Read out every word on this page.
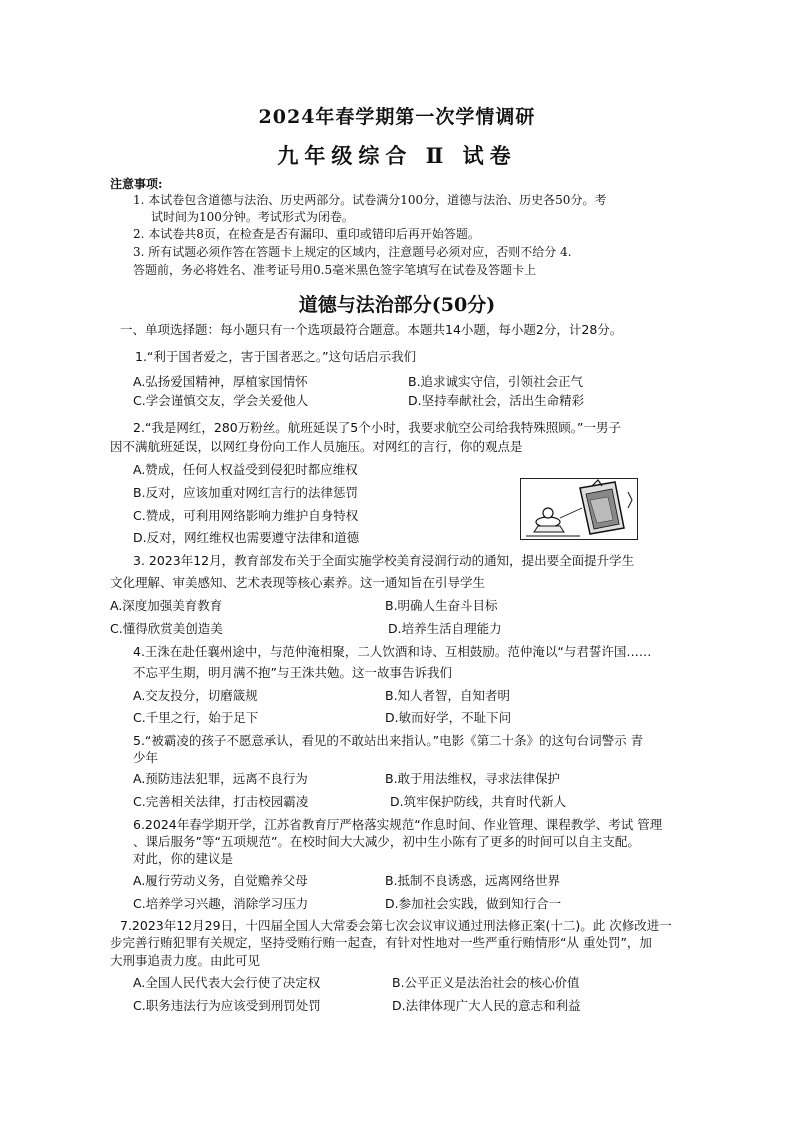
2024年春学期第一次学情调研
九年级综合 Ⅱ 试卷
注意事项:
1. 本试卷包含道德与法治、历史两部分。试卷满分100分，道德与法治、历史各50分。考
试时间为100分钟。考试形式为闭卷。
2. 本试卷共8页，在检查是否有漏印、重印或错印后再开始答题。
3. 所有试题必须作答在答题卡上规定的区域内，注意题号必须对应，否则不给分 4.
答题前，务必将姓名、准考证号用0.5毫米黑色签字笔填写在试卷及答题卡上
道德与法治部分(50分)
一、单项选择题：每小题只有一个选项最符合题意。本题共14小题，每小题2分，计28分。
1.“利于国者爱之，害于国者恶之。”这句话启示我们
A.弘扬爱国精神，厚植家国情怀	B.追求诚实守信，引领社会正气
C.学会谨慎交友，学会关爱他人	D.坚持奉献社会，活出生命精彩
2.“我是网红，280万粉丝。航班延误了5个小时，我要求航空公司给我特殊照顾。”一男子
因不满航班延误，以网红身份向工作人员施压。对网红的言行，你的观点是
A.赞成，任何人权益受到侵犯时都应维权
B.反对，应该加重对网红言行的法律惩罚
C.赞成，可利用网络影响力维护自身特权
D.反对，网红维权也需要遵守法律和道德
3. 2023年12月，教育部发布关于全面实施学校美育浸润行动的通知，提出要全面提升学生
文化理解、审美感知、艺术表现等核心素养。这一通知旨在引导学生
A.深度加强美育教育	B.明确人生奋斗目标
C.懂得欣赏美创造美	D.培养生活自理能力
4.王洙在赴任襄州途中，与范仲淹相聚，二人饮酒和诗、互相鼓励。范仲淹以“与君誓许国……
不忘平生期，明月满不抱”与王洙共勉。这一故事告诉我们
A.交友投分，切磨箴规	B.知人者智，自知者明
C.千里之行，始于足下	D.敏而好学，不耻下问
5.“被霸凌的孩子不愿意承认，看见的不敢站出来指认。”电影《第二十条》的这句台词警示 青
少年
A.预防违法犯罪，远离不良行为	B.敢于用法维权，寻求法律保护
C.完善相关法律，打击校园霸凌	D.筑牢保护防线，共育时代新人
6.2024年春学期开学，江苏省教育厅严格落实规范“作息时间、作业管理、课程教学、考试 管理
、课后服务”等“五项规范”。在校时间大大减少，初中生小陈有了更多的时间可以自主支配。
对此，你的建议是
A.履行劳动义务，自觉赡养父母	B.抵制不良诱惑，远离网络世界
C.培养学习兴趣，消除学习压力	D.参加社会实践，做到知行合一
7.2023年12月29日，十四届全国人大常委会第七次会议审议通过刑法修正案(十二)。此 次修改进一
步完善行贿犯罪有关规定，坚持受贿行贿一起查，有针对性地对一些严重行贿情形“从 重处罚”，加
大刑事追责力度。由此可见
A.全国人民代表大会行使了决定权	B.公平正义是法治社会的核心价值
C.职务违法行为应该受到刑罚处罚	D.法律体现广大人民的意志和利益
